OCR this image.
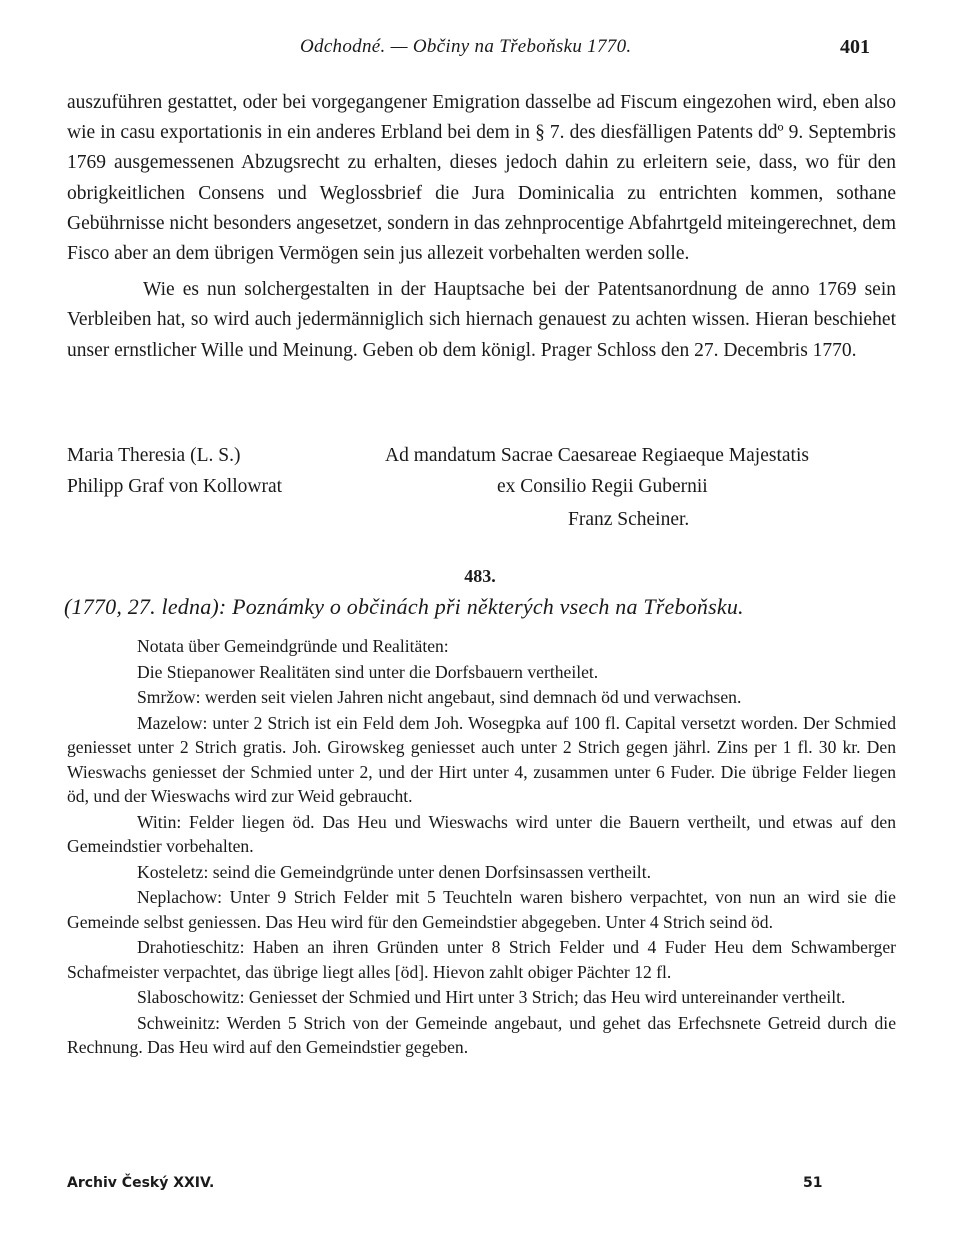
Odchodné. — Občiny na Třeboňsku 1770.	401

auszuführen gestattet, oder bei vorgegangener Emigration dasselbe ad Fiscum eingezohen wird, eben also wie in casu exportationis in ein anderes Erbland bei dem in § 7. des diesfälligen Patents ddº 9. Septembris 1769 ausgemessenen Abzugsrecht zu erhalten, dieses jedoch dahin zu erleitern seie, dass, wo für den obrigkeitlichen Consens und Weglossbrief die Jura Dominicalia zu entrichten kommen, sothane Gebührnisse nicht besonders angesetzet, sondern in das zehnprocentige Abfahrtgeld miteingerechnet, dem Fisco aber an dem übrigen Vermögen sein jus allezeit vorbehalten werden solle.

Wie es nun solchergestalten in der Hauptsache bei der Patentsanordnung de anno 1769 sein Verbleiben hat, so wird auch jedermänniglich sich hiernach genauest zu achten wissen. Hieran beschiehet unser ernstlicher Wille und Meinung. Geben ob dem königl. Prager Schloss den 27. Decembris 1770.

Maria Theresia (L. S.)
Philipp Graf von Kollowrat
Ad mandatum Sacrae Caesareae Regiaeque Majestatis
ex Consilio Regii Gubernii
Franz Scheiner.
483.
(1770, 27. ledna): Poznámky o občinách při některých vsech na Třeboňsku.

Notata über Gemeindgründe und Realitäten:

Die Stiepanower Realitäten sind unter die Dorfsbauern vertheilet.

Smržow: werden seit vielen Jahren nicht angebaut, sind demnach öd und verwachsen.

Mazelow: unter 2 Strich ist ein Feld dem Joh. Wosegpka auf 100 fl. Capital versetzt worden. Der Schmied geniesset unter 2 Strich gratis. Joh. Girowskeg geniesset auch unter 2 Strich gegen jährl. Zins per 1 fl. 30 kr. Den Wieswachs geniesset der Schmied unter 2, und der Hirt unter 4, zusammen unter 6 Fuder. Die übrige Felder liegen öd, und der Wieswachs wird zur Weid gebraucht.

Witin: Felder liegen öd. Das Heu und Wieswachs wird unter die Bauern vertheilt, und etwas auf den Gemeindstier vorbehalten.

Kosteletz: seind die Gemeindgründe unter denen Dorfsinsassen vertheilt.

Neplachow: Unter 9 Strich Felder mit 5 Teuchteln waren bishero verpachtet, von nun an wird sie die Gemeinde selbst geniessen. Das Heu wird für den Gemeindstier abgegeben. Unter 4 Strich seind öd.

Drahotieschitz: Haben an ihren Gründen unter 8 Strich Felder und 4 Fuder Heu dem Schwamberger Schafmeister verpachtet, das übrige liegt alles [öd]. Hievon zahlt obiger Pächter 12 fl.

Slaboschowitz: Geniesset der Schmied und Hirt unter 3 Strich; das Heu wird untereinander vertheilt.

Schweinitz: Werden 5 Strich von der Gemeinde angebaut, und gehet das Erfechsnete Getreid durch die Rechnung. Das Heu wird auf den Gemeindstier gegeben.

Archiv Český XXIV.	51
